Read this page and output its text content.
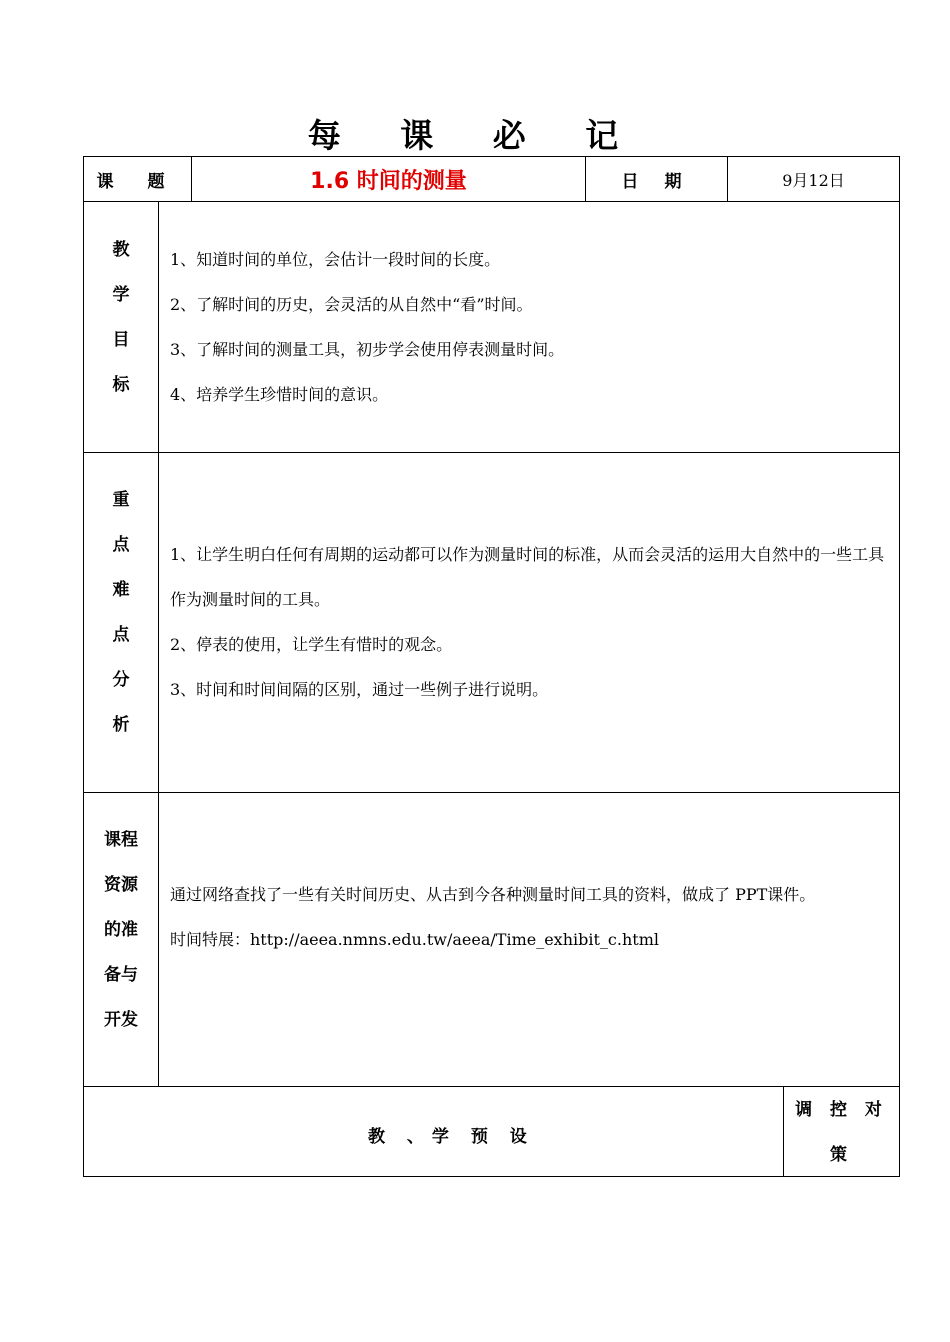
每 课 必 记
课 题	1.6 时间的测量	日 期	9月12日
教
学
目
标

1、知道时间的单位，会估计一段时间的长度。

2、了解时间的历史，会灵活的从自然中“看”时间。

3、了解时间的测量工具，初步学会使用停表测量时间。

4、培养学生珍惜时间的意识。

重
点
难
点
分
析

1、让学生明白任何有周期的运动都可以作为测量时间的标准，从而会灵活的运用大自然中的一些工具作为测量时间的工具。

2、停表的使用，让学生有惜时的观念。

3、时间和时间间隔的区别，通过一些例子进行说明。

课程
资源
的准
备与
开发

通过网络查找了一些有关时间历史、从古到今各种测量时间工具的资料，做成了 PPT课件。

时间特展：http://aeea.nmns.edu.tw/aeea/Time_exhibit_c.html

教 、学 预 设
调 控 对
策
